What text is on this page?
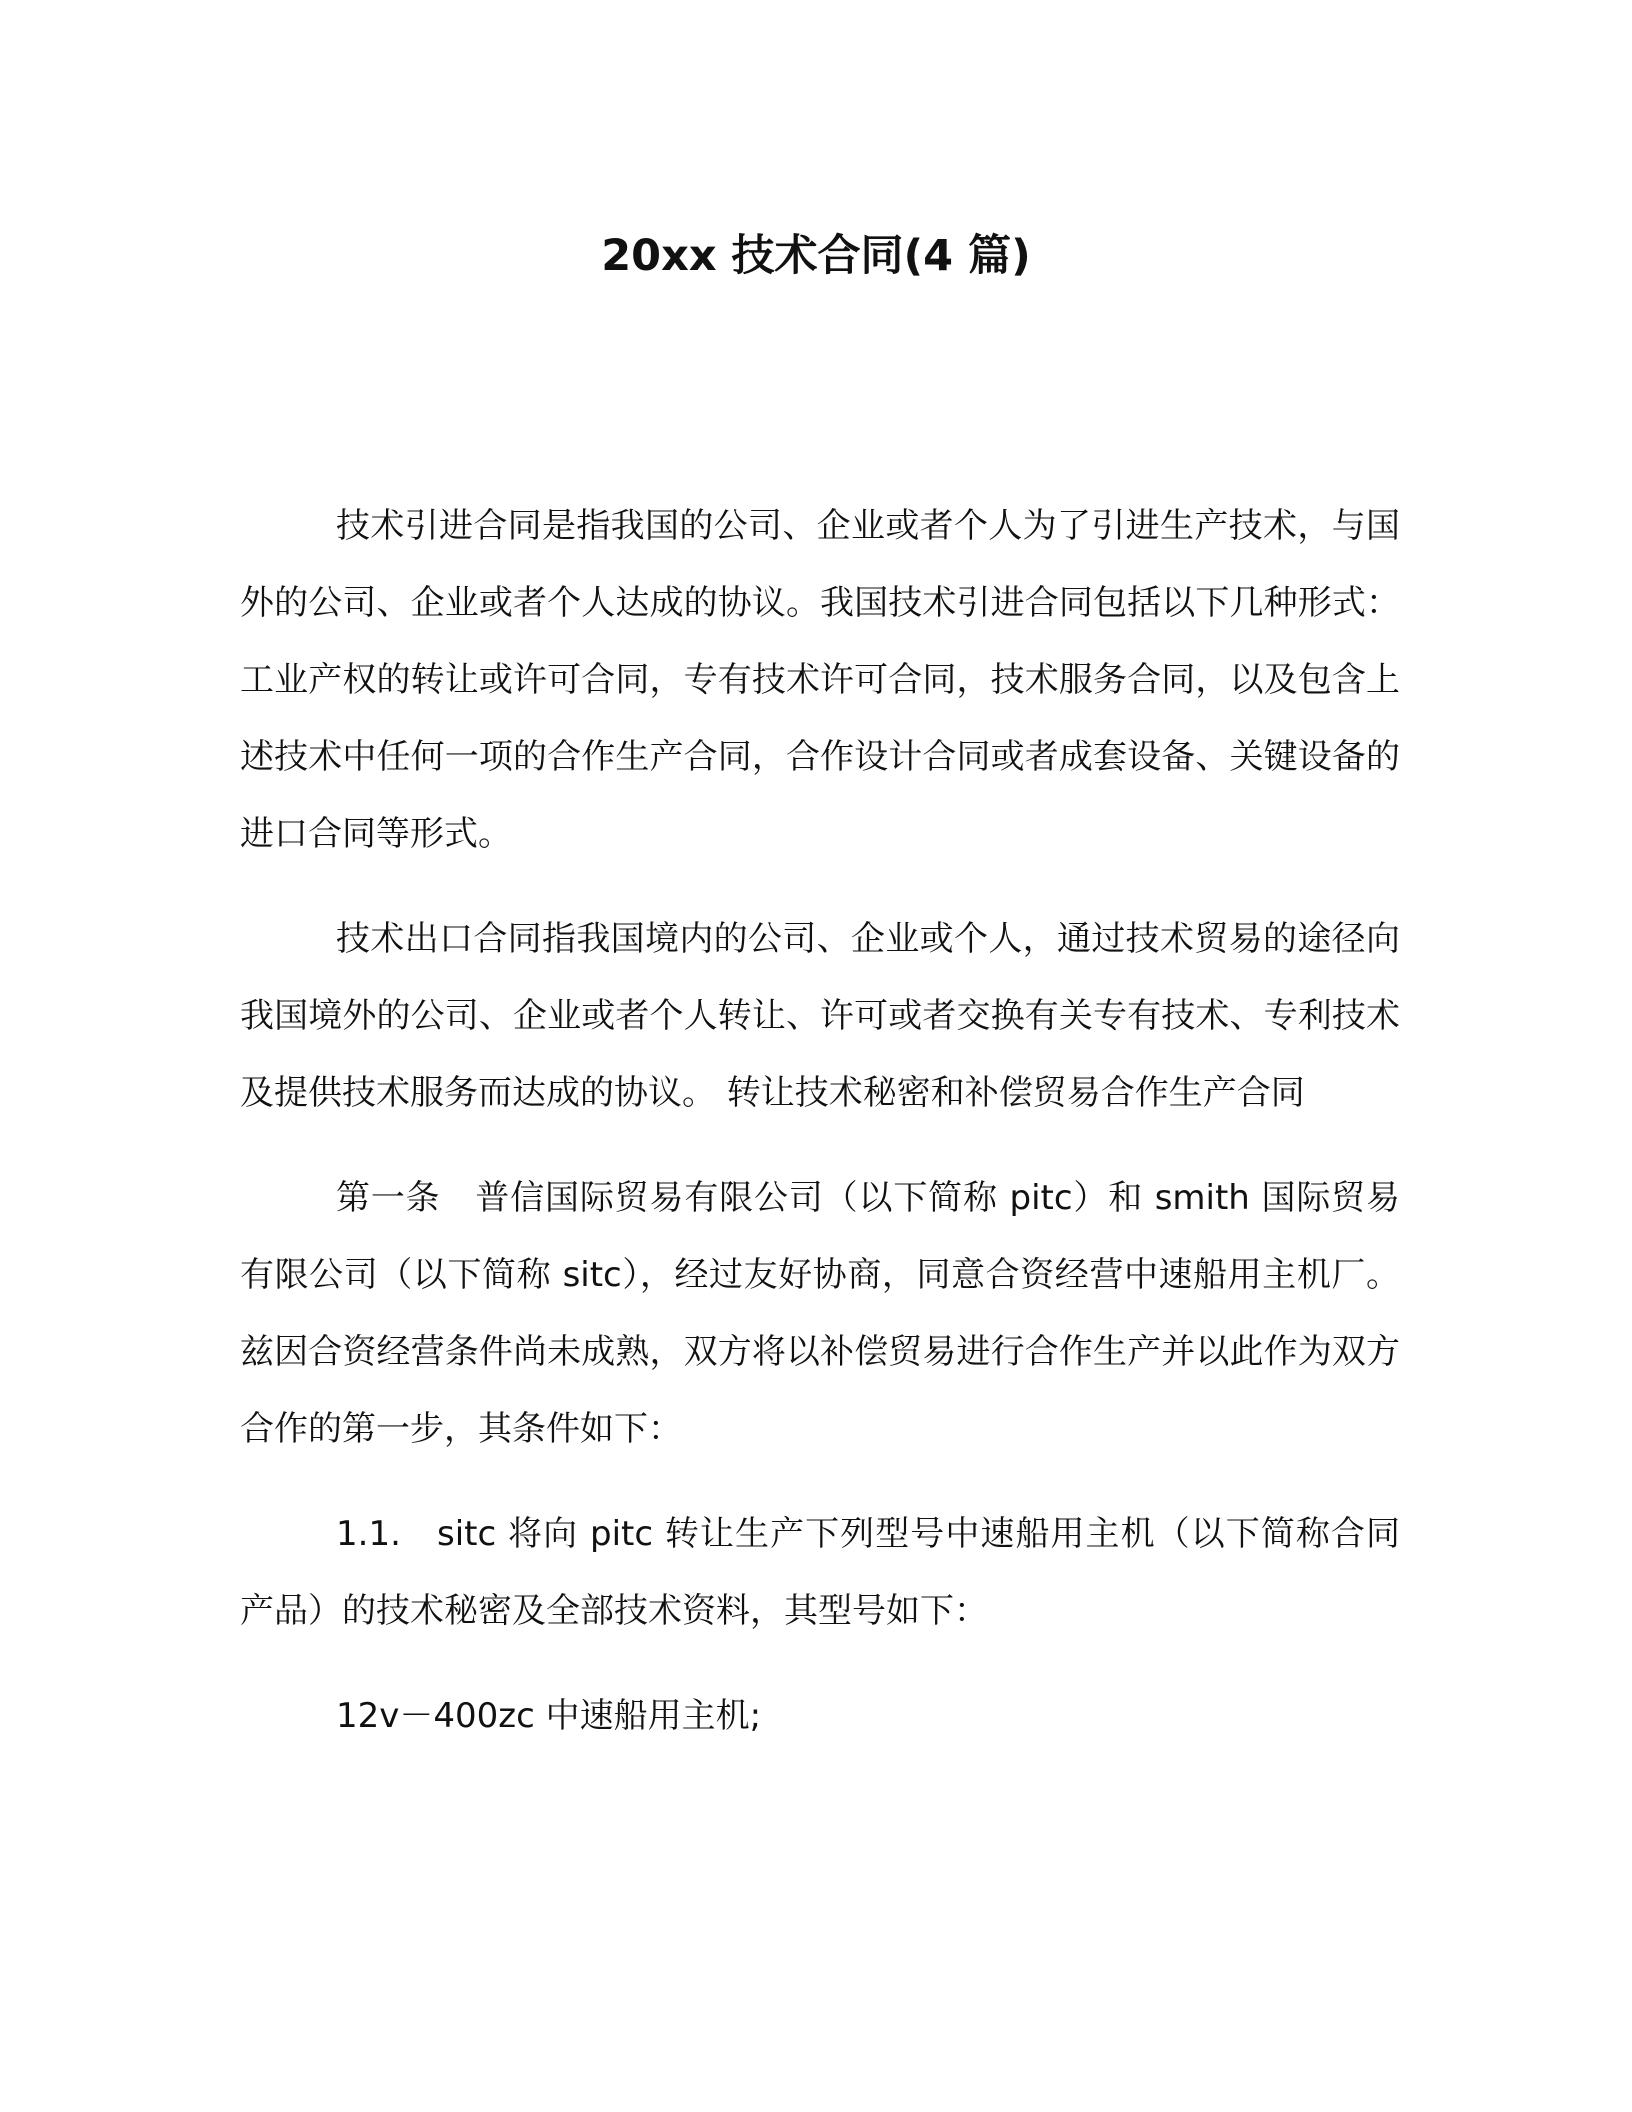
20xx 技术合同(4 篇)

技术引进合同是指我国的公司、企业或者个人为了引进生产技术，与国外的公司、企业或者个人达成的协议。我国技术引进合同包括以下几种形式：工业产权的转让或许可合同，专有技术许可合同，技术服务合同，以及包含上述技术中任何一项的合作生产合同，合作设计合同或者成套设备、关键设备的进口合同等形式。

技术出口合同指我国境内的公司、企业或个人，通过技术贸易的途径向我国境外的公司、企业或者个人转让、许可或者交换有关专有技术、专利技术及提供技术服务而达成的协议。 转让技术秘密和补偿贸易合作生产合同

第一条　普信国际贸易有限公司（以下简称 pitc）和 smith 国际贸易有限公司（以下简称 sitc），经过友好协商，同意合资经营中速船用主机厂。兹因合资经营条件尚未成熟，双方将以补偿贸易进行合作生产并以此作为双方合作的第一步，其条件如下：

1.1.　sitc 将向 pitc 转让生产下列型号中速船用主机（以下简称合同产品）的技术秘密及全部技术资料，其型号如下：

12v－400zc 中速船用主机;
